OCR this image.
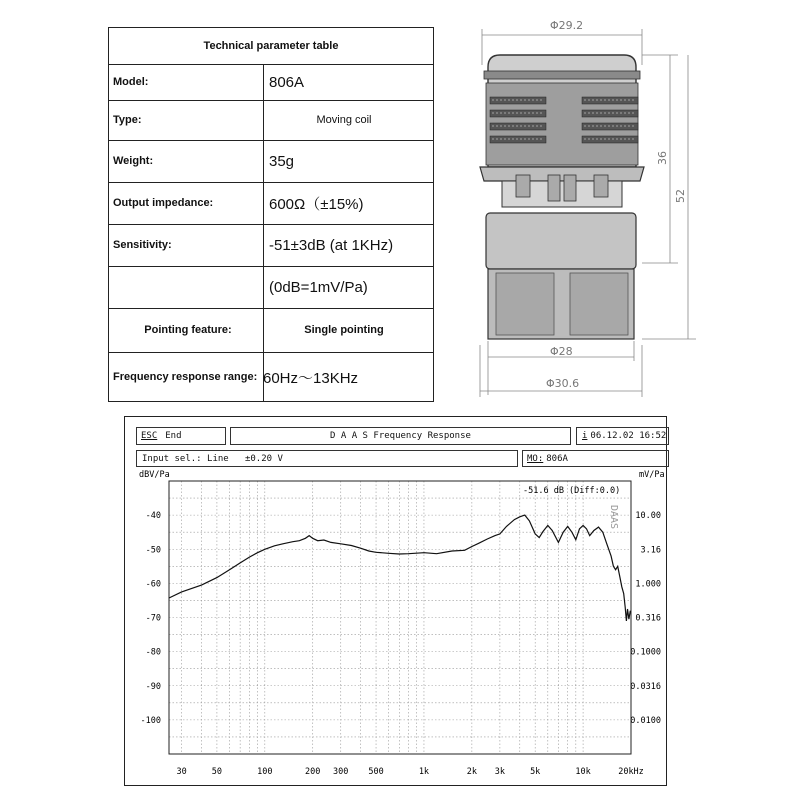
Technical parameter table
Model:	806A
Type:	Moving coil
Weight:	35g
Output impedance:	600Ω（±15%)
Sensitivity:	-51±3dB (at 1KHz)
(0dB=1mV/Pa)
Pointing feature:	Single pointing
Frequency response range: 60Hz～13KHz
Φ29.2
36
52
Φ28
Φ30.6
ESC End	D A A S Frequency Response	i 06.12.02 16:52
Input sel.: Line   ±0.20 V	MO: 806A
-40
-50
-60
-70
-80
-90
-100
10.00
3.16
1.000
0.316
0.1000
0.0316
0.0100
30	50	100	200 300 500	1k	2k 3k	5k	10k	20kHz
dBV/Pa	mV/Pa
-51.6 dB (Diff:0.0)
DAAS
